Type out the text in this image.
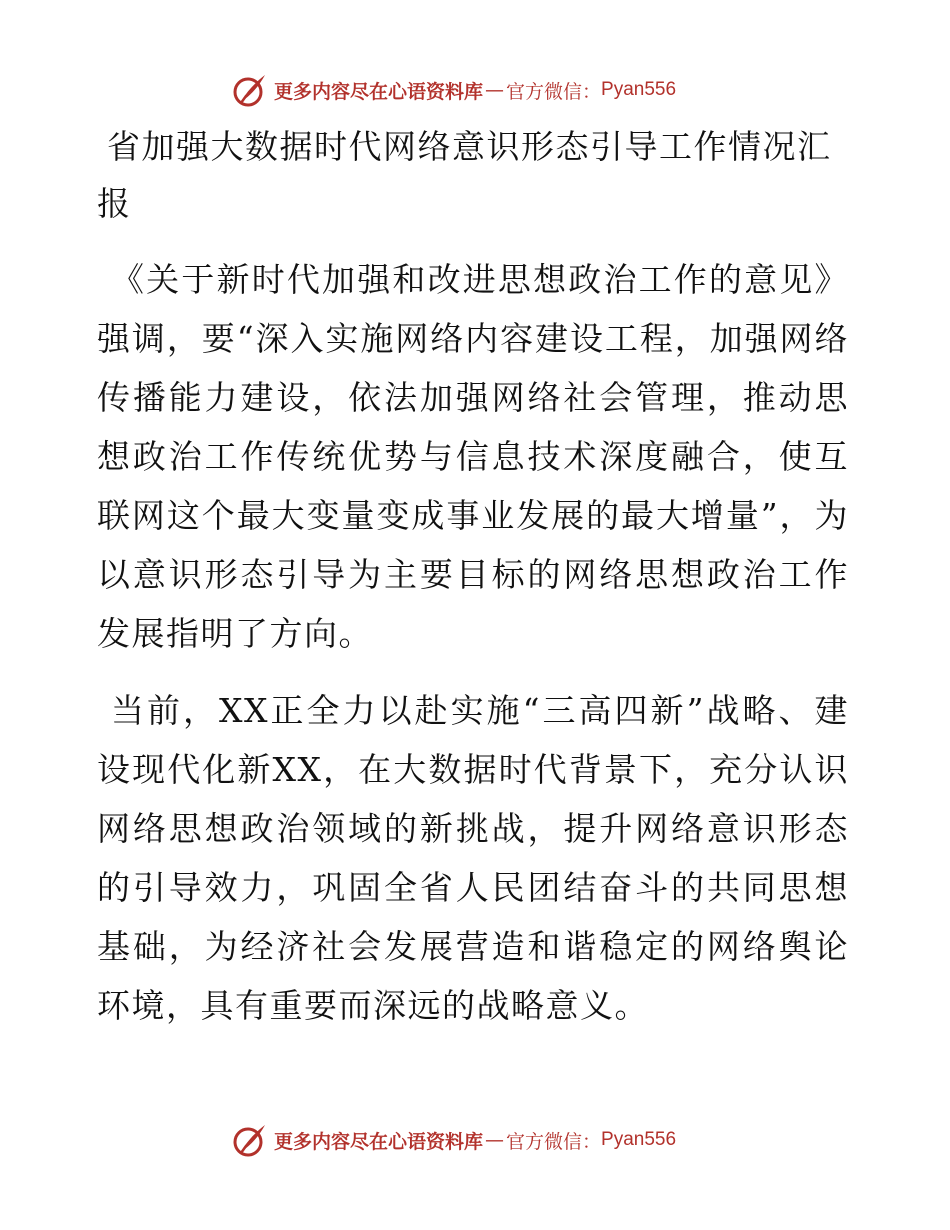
更多内容尽在心语资料库 — 官方微信： Pyan556
省加强大数据时代网络意识形态引导工作情况汇报

《关于新时代加强和改进思想政治工作的意见》强调，要“深入实施网络内容建设工程，加强网络传播能力建设，依法加强网络社会管理，推动思想政治工作传统优势与信息技术深度融合，使互联网这个最大变量变成事业发展的最大增量”，为以意识形态引导为主要目标的网络思想政治工作发展指明了方向。

当前，XX正全力以赴实施“三高四新”战略、建设现代化新XX，在大数据时代背景下，充分认识网络思想政治领域的新挑战，提升网络意识形态的引导效力，巩固全省人民团结奋斗的共同思想基础，为经济社会发展营造和谐稳定的网络舆论环境，具有重要而深远的战略意义。

更多内容尽在心语资料库 — 官方微信： Pyan556
